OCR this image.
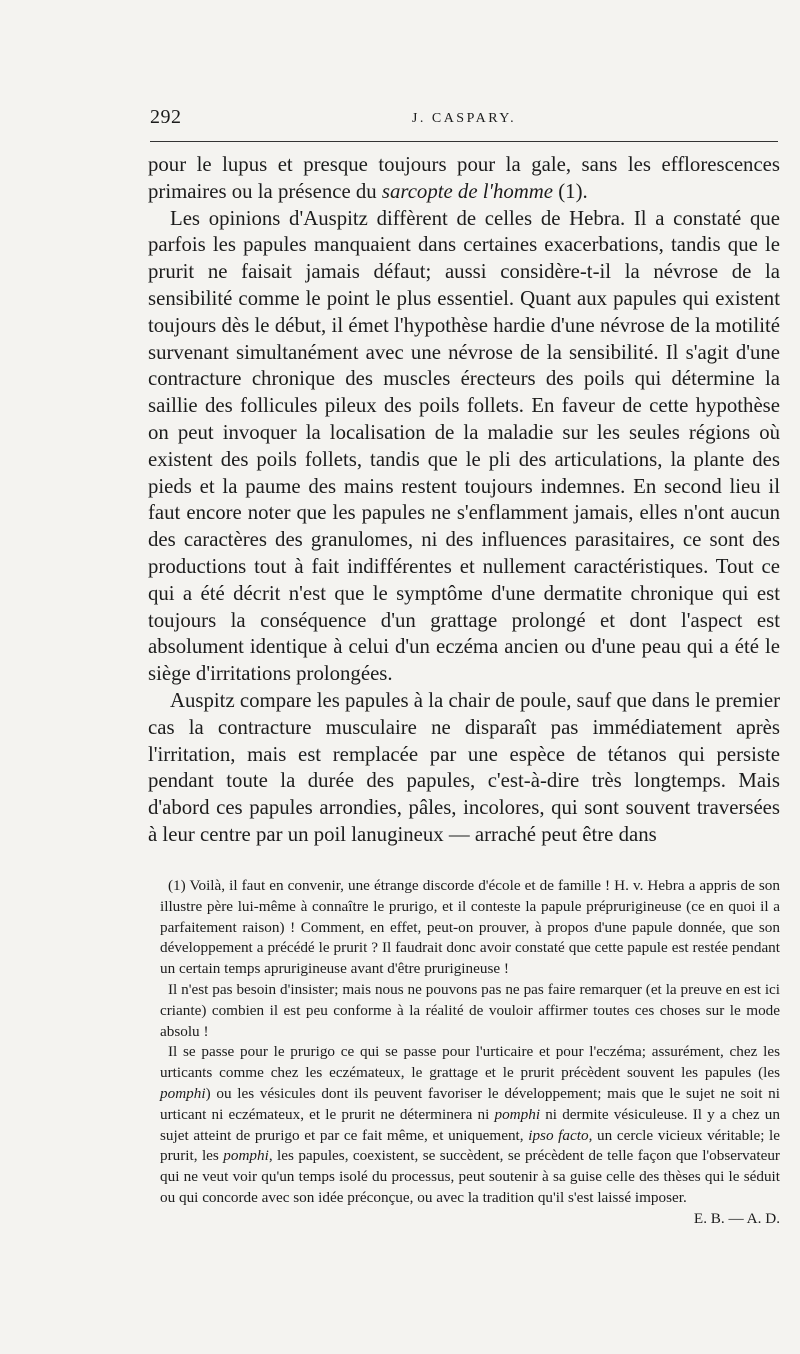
292	J. CASPARY.

pour le lupus et presque toujours pour la gale, sans les efflorescences primaires ou la présence du sarcopte de l'homme (1).

Les opinions d'Auspitz diffèrent de celles de Hebra. Il a constaté que parfois les papules manquaient dans certaines exacerbations, tandis que le prurit ne faisait jamais défaut; aussi considère-t-il la névrose de la sensibilité comme le point le plus essentiel. Quant aux papules qui existent toujours dès le début, il émet l'hypothèse hardie d'une névrose de la motilité survenant simultanément avec une névrose de la sensibilité. Il s'agit d'une contracture chronique des muscles érecteurs des poils qui détermine la saillie des follicules pileux des poils follets. En faveur de cette hypothèse on peut invoquer la localisation de la maladie sur les seules régions où existent des poils follets, tandis que le pli des articulations, la plante des pieds et la paume des mains restent toujours indemnes. En second lieu il faut encore noter que les papules ne s'enflamment jamais, elles n'ont aucun des caractères des granulomes, ni des influences parasitaires, ce sont des productions tout à fait indifférentes et nullement caractéristiques. Tout ce qui a été décrit n'est que le symptôme d'une dermatite chronique qui est toujours la conséquence d'un grattage prolongé et dont l'aspect est absolument identique à celui d'un eczéma ancien ou d'une peau qui a été le siège d'irritations prolongées.

Auspitz compare les papules à la chair de poule, sauf que dans le premier cas la contracture musculaire ne disparaît pas immédiatement après l'irritation, mais est remplacée par une espèce de tétanos qui persiste pendant toute la durée des papules, c'est-à-dire très longtemps. Mais d'abord ces papules arrondies, pâles, incolores, qui sont souvent traversées à leur centre par un poil lanugineux — arraché peut être dans

(1) Voilà, il faut en convenir, une étrange discorde d'école et de famille ! H. v. Hebra a appris de son illustre père lui-même à connaître le prurigo, et il conteste la papule préprurigineuse (ce en quoi il a parfaitement raison) ! Comment, en effet, peut-on prouver, à propos d'une papule donnée, que son développement a précédé le prurit ? Il faudrait donc avoir constaté que cette papule est restée pendant un certain temps aprurigineuse avant d'être prurigineuse !

Il n'est pas besoin d'insister; mais nous ne pouvons pas ne pas faire remarquer (et la preuve en est ici criante) combien il est peu conforme à la réalité de vouloir affirmer toutes ces choses sur le mode absolu !

Il se passe pour le prurigo ce qui se passe pour l'urticaire et pour l'eczéma; assurément, chez les urticants comme chez les eczémateux, le grattage et le prurit précèdent souvent les papules (les pomphi) ou les vésicules dont ils peuvent favoriser le développement; mais que le sujet ne soit ni urticant ni eczémateux, et le prurit ne déterminera ni pomphi ni dermite vésiculeuse. Il y a chez un sujet atteint de prurigo et par ce fait même, et uniquement, ipso facto, un cercle vicieux véritable; le prurit, les pomphi, les papules, coexistent, se succèdent, se précèdent de telle façon que l'observateur qui ne veut voir qu'un temps isolé du processus, peut soutenir à sa guise celle des thèses qui le séduit ou qui concorde avec son idée préconçue, ou avec la tradition qu'il s'est laissé imposer.
E. B. — A. D.
